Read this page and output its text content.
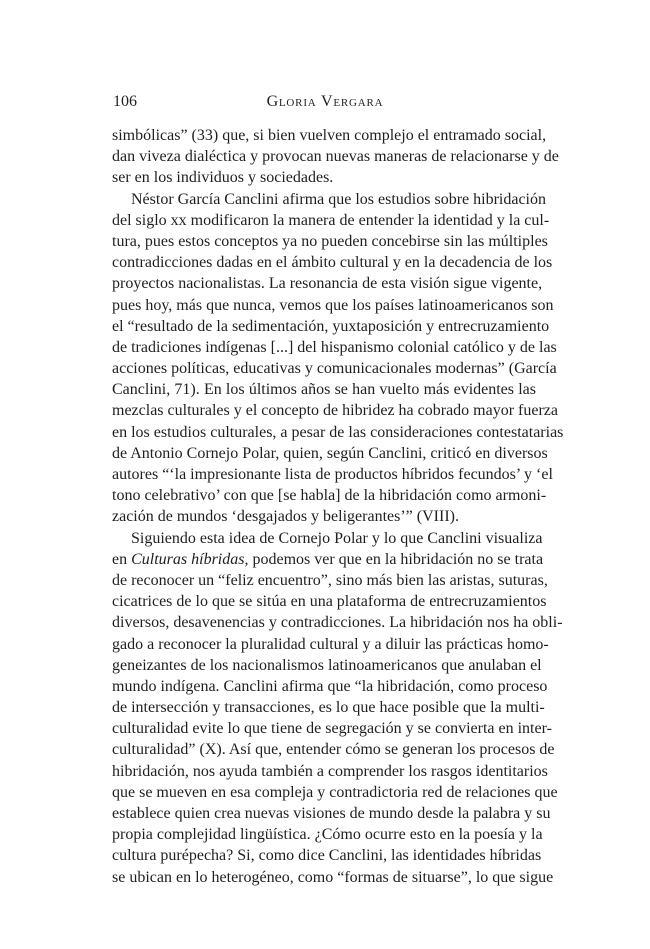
106	Gloria Vergara
simbólicas” (33) que, si bien vuelven complejo el entramado social,
dan viveza dialéctica y provocan nuevas maneras de relacionarse y de
ser en los individuos y sociedades.
Néstor García Canclini afirma que los estudios sobre hibridación
del siglo xx modificaron la manera de entender la identidad y la cul-
tura, pues estos conceptos ya no pueden concebirse sin las múltiples
contradicciones dadas en el ámbito cultural y en la decadencia de los
proyectos nacionalistas. La resonancia de esta visión sigue vigente,
pues hoy, más que nunca, vemos que los países latinoamericanos son
el “resultado de la sedimentación, yuxtaposición y entrecruzamiento
de tradiciones indígenas [...] del hispanismo colonial católico y de las
acciones políticas, educativas y comunicacionales modernas” (García
Canclini, 71). En los últimos años se han vuelto más evidentes las
mezclas culturales y el concepto de hibridez ha cobrado mayor fuerza
en los estudios culturales, a pesar de las consideraciones contestatarias
de Antonio Cornejo Polar, quien, según Canclini, criticó en diversos
autores “‘la impresionante lista de productos híbridos fecundos’ y ‘el
tono celebrativo’ con que [se habla] de la hibridación como armoni-
zación de mundos ‘desgajados y beligerantes’” (VIII).
Siguiendo esta idea de Cornejo Polar y lo que Canclini visualiza
en Culturas híbridas, podemos ver que en la hibridación no se trata
de reconocer un “feliz encuentro”, sino más bien las aristas, suturas,
cicatrices de lo que se sitúa en una plataforma de entrecruzamientos
diversos, desavenencias y contradicciones. La hibridación nos ha obli-
gado a reconocer la pluralidad cultural y a diluir las prácticas homo-
geneizantes de los nacionalismos latinoamericanos que anulaban el
mundo indígena. Canclini afirma que “la hibridación, como proceso
de intersección y transacciones, es lo que hace posible que la multi-
culturalidad evite lo que tiene de segregación y se convierta en inter-
culturalidad” (X). Así que, entender cómo se generan los procesos de
hibridación, nos ayuda también a comprender los rasgos identitarios
que se mueven en esa compleja y contradictoria red de relaciones que
establece quien crea nuevas visiones de mundo desde la palabra y su
propia complejidad lingüística. ¿Cómo ocurre esto en la poesía y la
cultura purépecha? Si, como dice Canclini, las identidades híbridas
se ubican en lo heterogéneo, como “formas de situarse”, lo que sigue
